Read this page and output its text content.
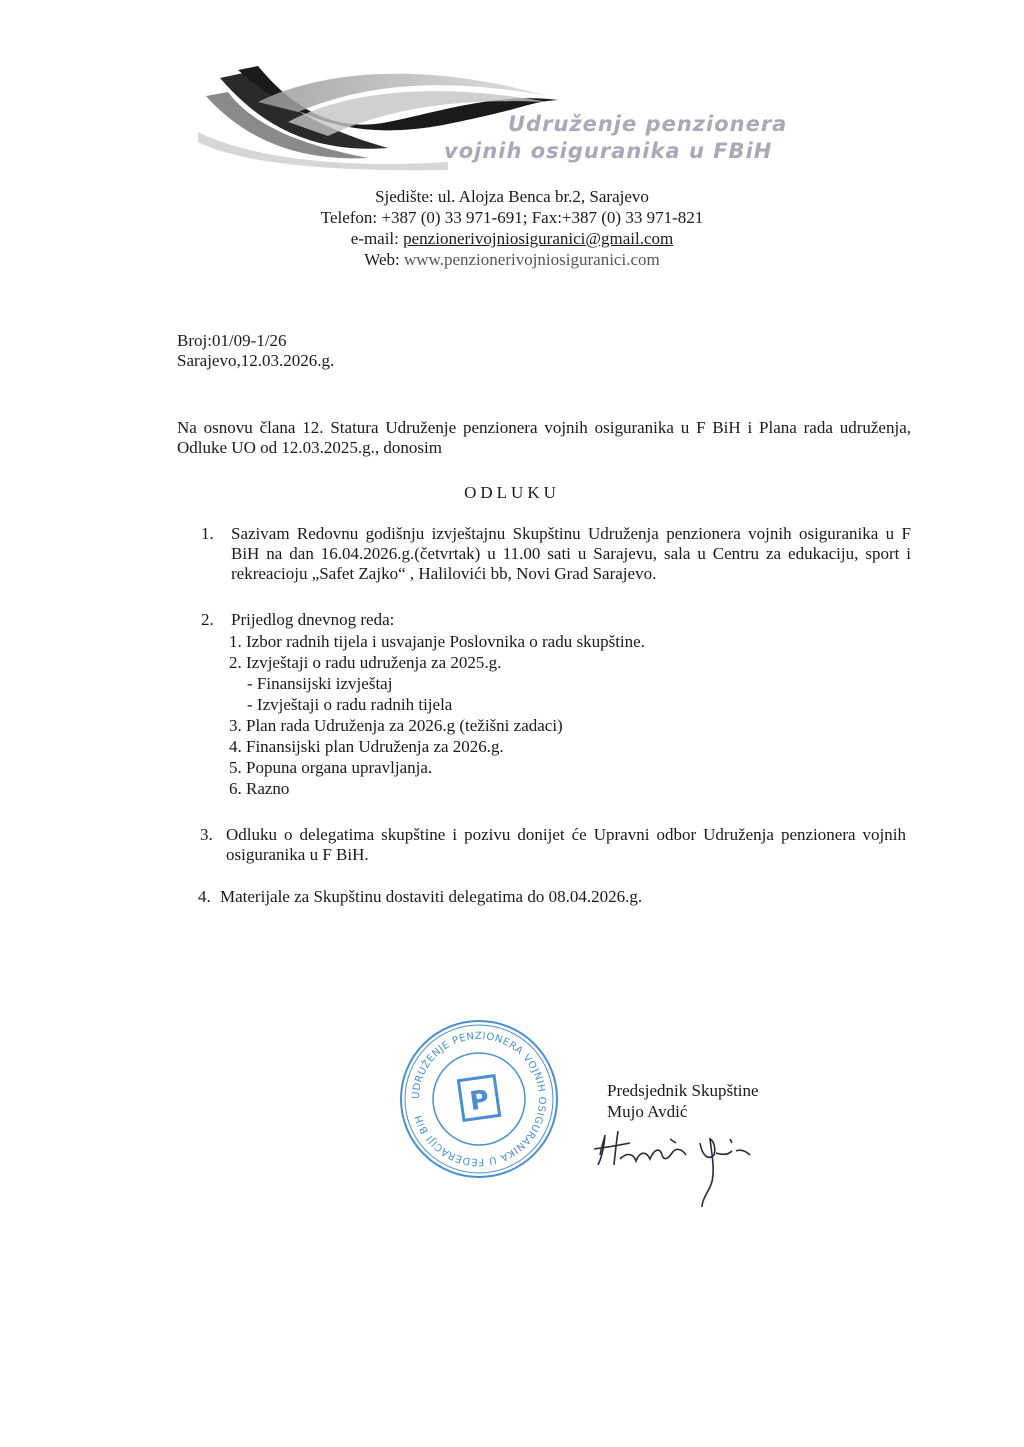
Udruženje penzionera
vojnih osiguranika u FBiH
Sjedište: ul. Alojza Benca br.2, Sarajevo
Telefon: +387 (0) 33 971-691; Fax:+387 (0) 33 971-821
e-mail: penzionerivojniosiguranici@gmail.com
Web: www.penzionerivojniosiguranici.com
Broj:01/09-1/26
Sarajevo,12.03.2026.g.
Na osnovu člana 12. Statura Udruženje penzionera vojnih osiguranika u F BiH i Plana rada udruženja, Odluke UO od 12.03.2025.g., donosim
ODLUKU
1. Sazivam Redovnu godišnju izvještajnu Skupštinu Udruženja penzionera vojnih osiguranika u F BiH na dan 16.04.2026.g.(četvrtak) u 11.00 sati u Sarajevu, sala u Centru za edukaciju, sport i rekreacioju „Safet Zajko“ , Halilovići bb, Novi Grad Sarajevo.
2. Prijedlog dnevnog reda:
1. Izbor radnih tijela i usvajanje Poslovnika o radu skupštine.
2. Izvještaji o radu udruženja za 2025.g.
- Finansijski izvještaj
- Izvještaji o radu radnih tijela
3. Plan rada Udruženja za 2026.g (težišni zadaci)
4. Finansijski plan Udruženja za 2026.g.
5. Popuna organa upravljanja.
6. Razno
3. Odluku o delegatima skupštine i pozivu donijet će Upravni odbor Udruženja penzionera vojnih osiguranika u F BiH.
4. Materijale za Skupštinu dostaviti delegatima do 08.04.2026.g.
UDRUŽENJE PENZIONERA VOJNIH OSIGURANIKA U FEDERACIJI BiH
P	Predsjednik Skupštine
Mujo Avdić
